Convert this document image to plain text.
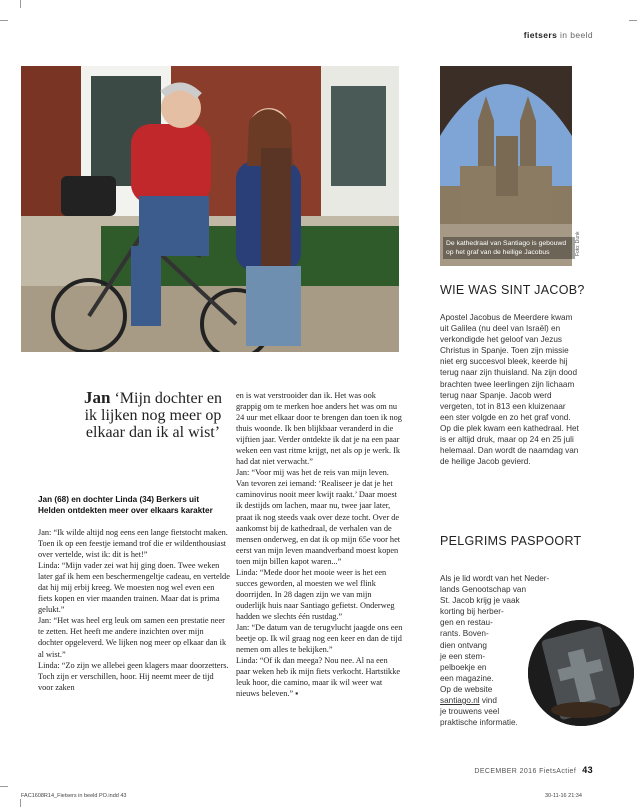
fietsers in beeld
De kathedraal van Santiago is gebouwd op het graf van de heilige Jacobus	Foto: Dunk
Jan ‘Mijn dochter en ik lijken nog meer op elkaar dan ik al wist’
Jan (68) en dochter Linda (34) Berkers uit Helden ontdekten meer over elkaars karakter

Jan: “Ik wilde altijd nog eens een lange fietstocht maken. Toen ik op een feestje iemand trof die er wildenthousiast over vertelde, wist ik: dit is het!”

Linda: “Mijn vader zei wat hij ging doen. Twee weken later gaf ik hem een beschermengeltje cadeau, en vertelde dat hij mij erbij kreeg. We moesten nog wel even een fiets kopen en vier maanden trainen. Maar dat is prima gelukt.”

Jan: “Het was heel erg leuk om samen een prestatie neer te zetten. Het heeft me andere inzichten over mijn dochter opgeleverd. We lijken nog meer op elkaar dan ik al wist.”

Linda: “Zo zijn we allebei geen klagers maar doorzetters. Toch zijn er verschillen, hoor. Hij neemt meer de tijd voor zaken

en is wat verstrooider dan ik. Het was ook grappig om te merken hoe anders het was om nu 24 uur met elkaar door te brengen dan toen ik nog thuis woonde. Ik ben blijkbaar veranderd in die vijftien jaar. Verder ontdekte ik dat je na een paar weken een vast ritme krijgt, net als op je werk. Ik had dat niet verwacht.”

Jan: “Voor mij was het de reis van mijn leven. Van tevoren zei iemand: ‘Realiseer je dat je het caminovirus nooit meer kwijt raakt.’ Daar moest ik destijds om lachen, maar nu, twee jaar later, praat ik nog steeds vaak over deze tocht. Over de aankomst bij de kathedraal, de verhalen van de mensen onderweg, en dat ik op mijn 65e voor het eerst van mijn leven maandverband moest kopen toen mijn billen kapot waren...”

Linda: “Mede door het mooie weer is het een succes geworden, al moesten we wel flink doorrijden. In 28 dagen zijn we van mijn ouderlijk huis naar Santiago gefietst. Onderweg hadden we slechts één rustdag.”

Jan: “De datum van de terugvlucht jaagde ons een beetje op. Ik wil graag nog een keer en dan de tijd nemen om alles te bekijken.”

Linda: “Of ik dan meega? Nou nee. Al na een paar weken heb ik mijn fiets verkocht. Hartstikke leuk hoor, die camino, maar ik wil weer wat nieuws beleven.” ▪

WIE WAS SINT JACOB?
Apostel Jacobus de Meerdere kwam uit Galilea (nu deel van Israël) en verkondigde het geloof van Jezus Christus in Spanje. Toen zijn missie niet erg succesvol bleek, keerde hij terug naar zijn thuisland. Na zijn dood brachten twee leerlingen zijn lichaam terug naar Spanje. Jacob werd vergeten, tot in 813 een kluizenaar een ster volgde en zo het graf vond. Op die plek kwam een kathedraal. Het is er altijd druk, maar op 24 en 25 juli helemaal. Dan wordt de naamdag van de heilige Jacob gevierd.
PELGRIMS PASPOORT
Als je lid wordt van het Neder-
lands Genootschap van
St. Jacob krijg je vaak
korting bij herber-
gen en restau-
rants. Boven-
dien ontvang
je een stem-
pelboekje en
een magazine.
Op de website
santiago.nl vind
je trouwens veel
praktische informatie.
DECEMBER 2016 FietsActief 43
FAC1608R14_Fietsers in beeld PO.indd 43	30-11-16 21:34
